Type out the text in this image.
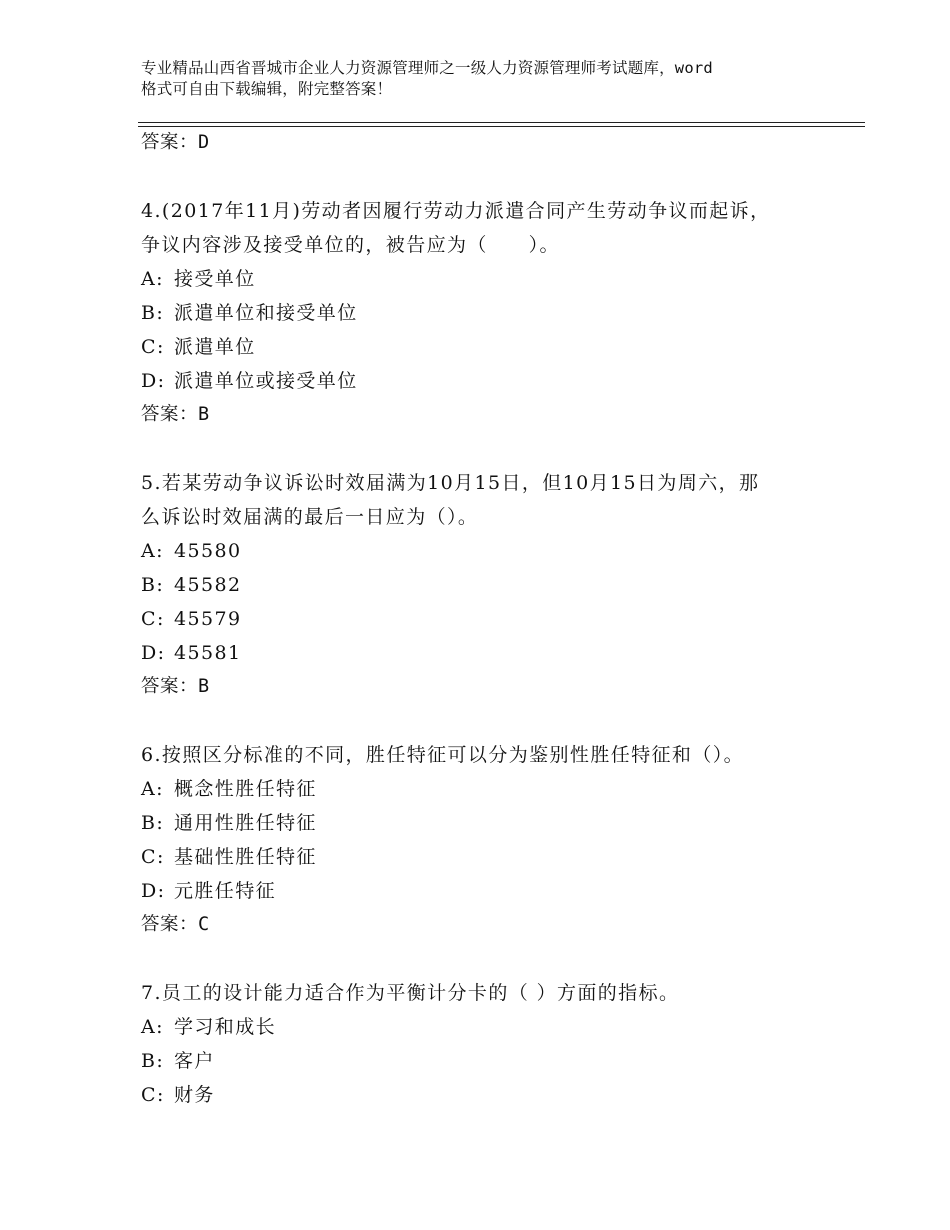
专业精品山西省晋城市企业人力资源管理师之一级人力资源管理师考试题库，word
格式可自由下载编辑，附完整答案！
答案：D
4.(2017年11月)劳动者因履行劳动力派遣合同产生劳动争议而起诉，
争议内容涉及接受单位的，被告应为（　　）。
A: 接受单位
B: 派遣单位和接受单位
C: 派遣单位
D: 派遣单位或接受单位
答案：B
5.若某劳动争议诉讼时效届满为10月15日，但10月15日为周六，那
么诉讼时效届满的最后一日应为（）。
A: 45580
B: 45582
C: 45579
D: 45581
答案：B
6.按照区分标准的不同，胜任特征可以分为鉴别性胜任特征和（）。
A: 概念性胜任特征
B: 通用性胜任特征
C: 基础性胜任特征
D: 元胜任特征
答案：C
7.员工的设计能力适合作为平衡计分卡的（ ）方面的指标。
A: 学习和成长
B: 客户
C: 财务
